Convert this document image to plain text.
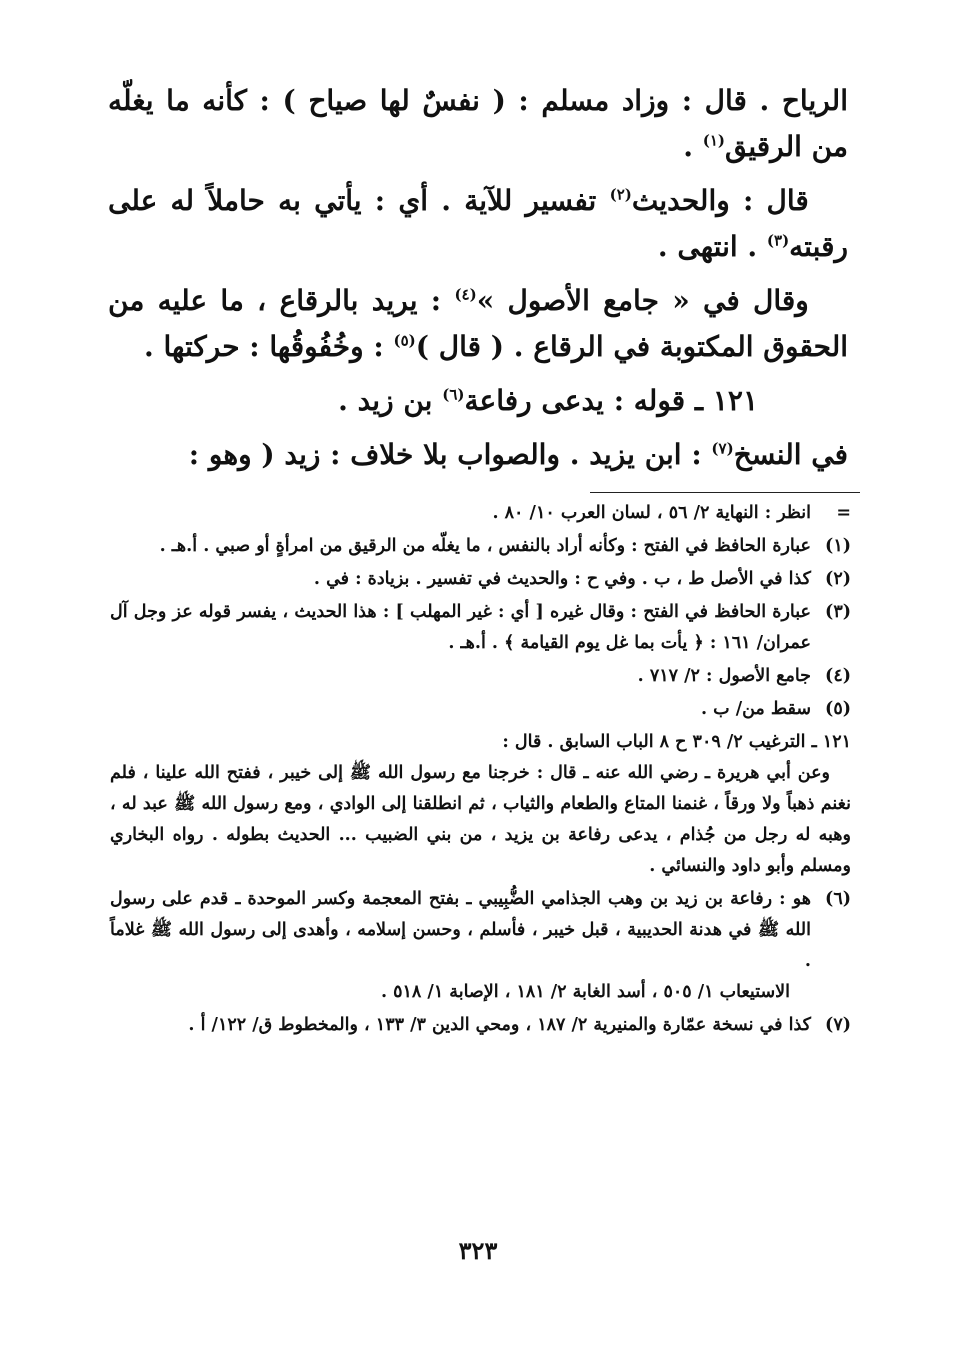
الرياح . قال : وزاد مسلم : ( نفسٌ لها صياح ) : كأنه ما يغلّه من الرقيق$^{(١)}$ .

قال : والحديث$^{(٢)}$ تفسير للآية . أي : يأتي به حاملاً له على رقبته$^{(٣)}$ . انتهى .

وقال في « جامع الأصول »$^{(٤)}$ : يريد بالرقاع ، ما عليه من الحقوق المكتوبة في الرقاع . ( قال )$^{(٥)}$ : وخُفُوقُها : حركتها .

١٢١ ـ قوله : يدعى رفاعة$^{(٦)}$ بن زيد .

في النسخ$^{(٧)}$ : ابن يزيد . والصواب بلا خلاف : زيد ( وهو :

=
انظر : النهاية ٢/ ٥٦ ، لسان العرب ١٠/ ٨٠ .
(١)
عبارة الحافظ في الفتح : وكأنه أراد بالنفس ، ما يغلّه من الرقيق من امرأةٍ أو صبي . أ.هـ .
(٢)
كذا في الأصل ط ، ب . وفي ح : والحديث في تفسير . بزيادة : في .
(٣)
عبارة الحافظ في الفتح : وقال غيره [ أي : غير المهلب ] : هذا الحديث ، يفسر قوله عز وجل آل عمران/ ١٦١ : ﴿ يأت بما غل يوم القيامة ﴾ . أ.هـ .
(٤)
جامع الأصول : ٢/ ٧١٧ .
(٥)
سقط من/ ب .
١٢١ ـ الترغيب ٢/ ٣٠٩ ح ٨ الباب السابق . قال :
وعن أبي هريرة ـ رضي الله عنه ـ قال : خرجنا مع رسول الله ﷺ إلى خيبر ، ففتح الله علينا ، فلم نغنم ذهباً ولا ورقاً ، غنمنا المتاع والطعام والثياب ، ثم انطلقنا إلى الوادي ، ومع رسول الله ﷺ عبد له ، وهبه له رجل من جُذام ، يدعى رفاعة بن يزيد ، من بني الضبيب ... الحديث بطوله . رواه البخاري ومسلم وأبو داود والنسائي .
(٦)
هو : رفاعة بن زيد بن وهب الجذامي الضُّبِيبي ـ بفتح المعجمة وكسر الموحدة ـ قدم على رسول الله ﷺ في هدنة الحديبية ، قبل خيبر ، فأسلم ، وحسن إسلامه ، وأهدى إلى رسول الله ﷺ غلاماً .
الاستيعاب ١/ ٥٠٥ ، أسد الغابة ٢/ ١٨١ ، الإصابة ١/ ٥١٨ .
(٧)
كذا في نسخة عمّارة والمنيرية ٢/ ١٨٧ ، ومحي الدين ٣/ ١٣٣ ، والمخطوط ق/ ١٢٢/ أ .
٣٢٣
